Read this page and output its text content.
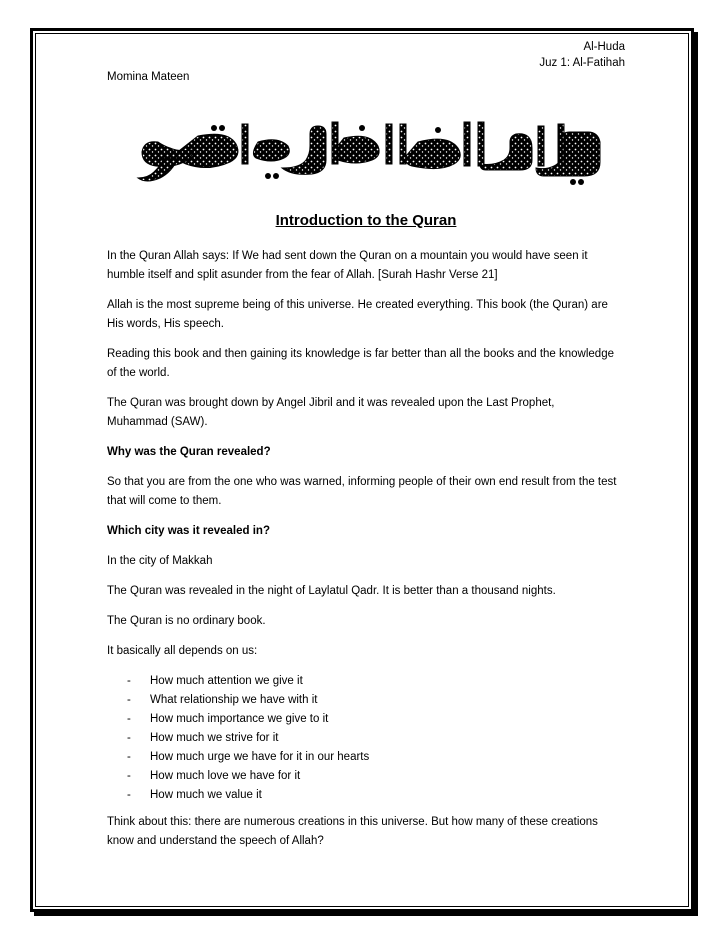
Al-Huda
Juz 1: Al-Fatihah
Momina Mateen
Introduction to the Quran

In the Quran Allah says: If We had sent down the Quran on a mountain you would have seen it humble itself and split asunder from the fear of Allah. [Surah Hashr Verse 21]

Allah is the most supreme being of this universe. He created everything. This book (the Quran) are His words, His speech.

Reading this book and then gaining its knowledge is far better than all the books and the knowledge of the world.

The Quran was brought down by Angel Jibril and it was revealed upon the Last Prophet, Muhammad (SAW).

Why was the Quran revealed?

So that you are from the one who was warned, informing people of their own end result from the test that will come to them.

Which city was it revealed in?

In the city of Makkah

The Quran was revealed in the night of Laylatul Qadr. It is better than a thousand nights.

The Quran is no ordinary book.

It basically all depends on us:

- How much attention we give it
- What relationship we have with it
- How much importance we give to it
- How much we strive for it
- How much urge we have for it in our hearts
- How much love we have for it
- How much we value it

Think about this: there are numerous creations in this universe. But how many of these creations know and understand the speech of Allah?
